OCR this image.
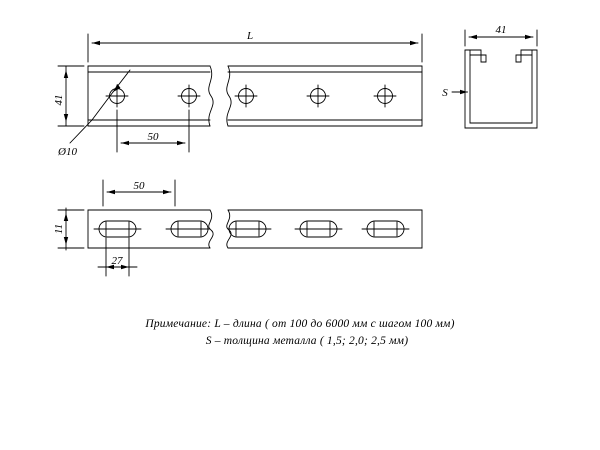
L
41
Ø10
50
41
S
50
11
27
Примечание: L – длина ( от 100 до 6000 мм с шагом 100 мм)
S – толщина металла ( 1,5; 2,0; 2,5 мм)
